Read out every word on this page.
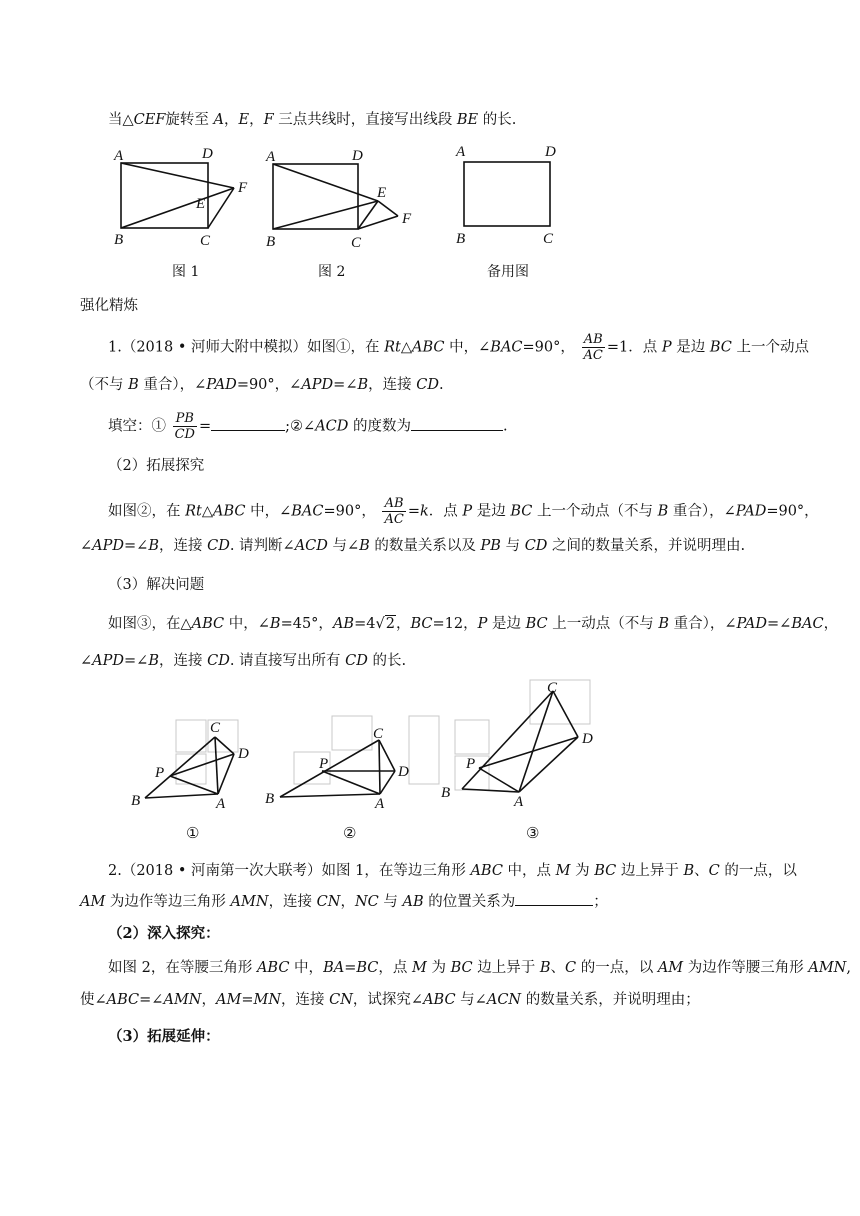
当△CEF旋转至 A，E，F 三点共线时，直接写出线段 BE 的长.
A	D
B	C
E
F
A	D
B	C
E
F
A	D
B	C
图 1	图 2	备用图
强化精炼
1.（2018 • 河师大附中模拟）如图①，在 Rt△ABC 中，∠BAC=90°， $\frac{AB}{AC} =1$．点 P 是边 BC 上一个动点
（不与 B 重合），∠PAD=90°，∠APD=∠B，连接 CD.
填空：① $\frac{PB}{CD}$ =	;②∠ACD 的度数为	.
（2）拓展探究
如图②，在 Rt△ABC 中，∠BAC=90°， $\frac{AB}{AC} =k$．点 P 是边 BC 上一个动点（不与 B 重合），∠PAD=90°，
∠APD=∠B，连接 CD. 请判断∠ACD 与∠B 的数量关系以及 PB 与 CD 之间的数量关系，并说明理由.
（3）解决问题
如图③，在△ABC 中，∠B=45°，AB=4√2，BC=12，P 是边 BC 上一动点（不与 B 重合），∠PAD=∠BAC，
∠APD=∠B，连接 CD. 请直接写出所有 CD 的长.
B
C
D
P
A	B
C
D
P
A
B
C
D
P
A
①	②	③
2.（2018 • 河南第一次大联考）如图 1，在等边三角形 ABC 中，点 M 为 BC 边上异于 B、C 的一点，以
AM 为边作等边三角形 AMN，连接 CN，NC 与 AB 的位置关系为	；
（2）深入探究：
如图 2，在等腰三角形 ABC 中，BA=BC，点 M 为 BC 边上异于 B、C 的一点，以 AM 为边作等腰三角形 AMN,
使∠ABC=∠AMN，AM=MN，连接 CN，试探究∠ABC 与∠ACN 的数量关系，并说明理由；
（3）拓展延伸：
